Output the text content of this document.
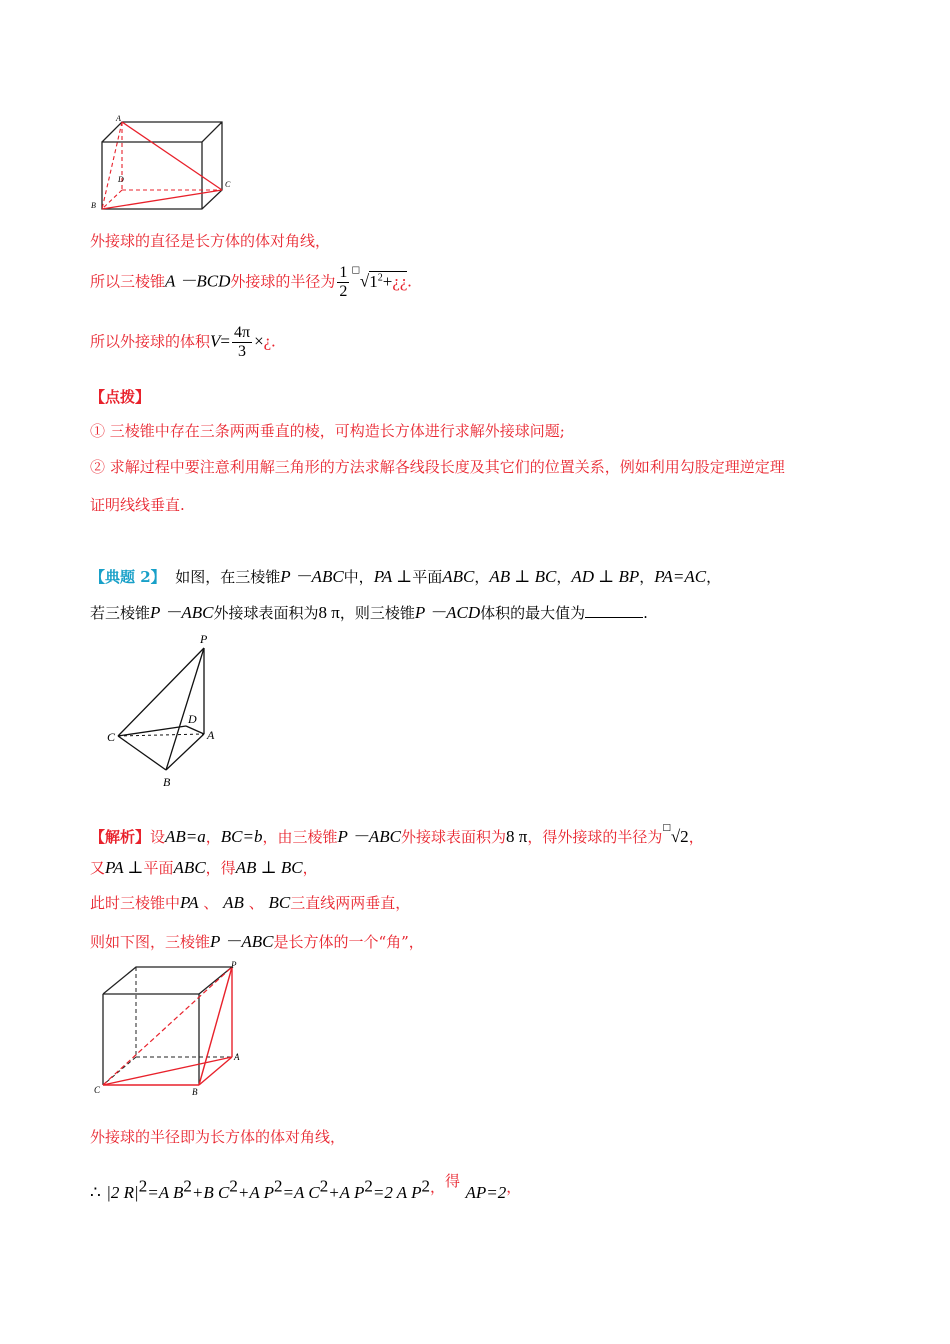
A
D
C
B
外接球的直径是长方体的体对角线，
所以三棱锥A －BCD外接球的半径为 $\frac{1}{2}$ $^□√1^2+¿¿$.
所以外接球的体积$V= \frac{4\pi}{3}$ ×¿.
【点拨】
① 三棱锥中存在三条两两垂直的棱，可构造长方体进行求解外接球问题;
② 求解过程中要注意利用解三角形的方法求解各线段长度及其它们的位置关系，例如利用勾股定理逆定理
证明线线垂直.
【典题 2】 如图，在三棱锥P －ABC中，PA ⊥平面ABC，AB ⊥ BC，AD ⊥ BP，PA=AC，
若三棱锥P －ABC外接球表面积为8 π，则三棱锥P －ACD体积的最大值为	.
P
D
C	A
B
【解析】设AB=a，BC=b，由三棱锥P －ABC外接球表面积为8 π，得外接球的半径为□√2，
又PA ⊥平面ABC，得AB ⊥ BC，
此时三棱锥中PA 、 AB 、 BC三直线两两垂直，
则如下图，三棱锥P －ABC是长方体的一个“角”，
P
A
C	B
外接球的半径即为长方体的体对角线，
∴ |2 $R|^2=A$ $B^2+B$ $C^2+A$ $P^2=A$ $C^2+A$ $P^2=2$ A $P^2$，得 AP=2，
